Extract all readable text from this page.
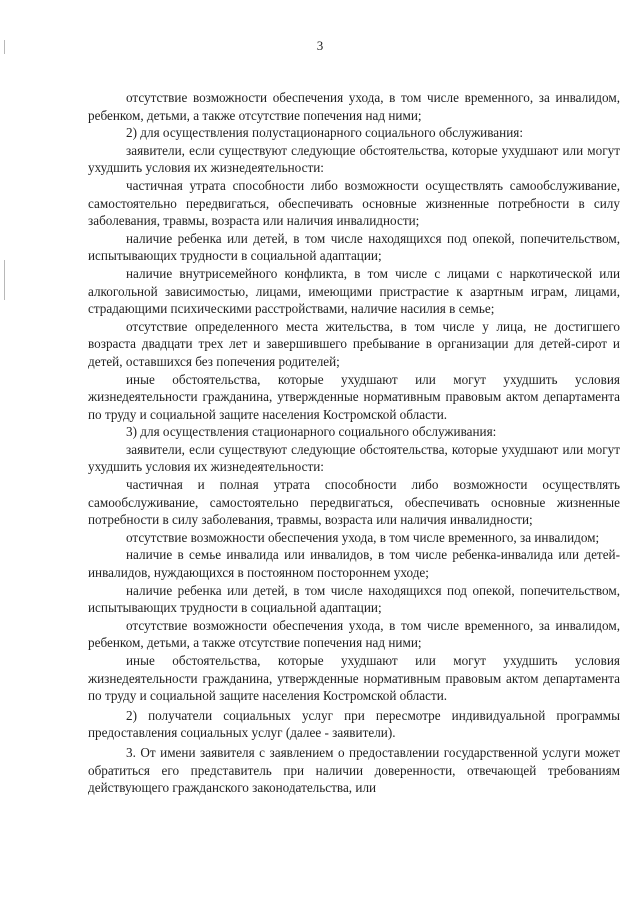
3

отсутствие возможности обеспечения ухода, в том числе временного, за инвалидом, ребенком, детьми, а также отсутствие попечения над ними;

2) для осуществления полустационарного социального обслуживания:

заявители, если существуют следующие обстоятельства, которые ухудшают или могут ухудшить условия их жизнедеятельности:

частичная утрата способности либо возможности осуществлять самообслуживание, самостоятельно передвигаться, обеспечивать основные жизненные потребности в силу заболевания, травмы, возраста или наличия инвалидности;

наличие ребенка или детей, в том числе находящихся под опекой, попечительством, испытывающих трудности в социальной адаптации;

наличие внутрисемейного конфликта, в том числе с лицами с наркотической или алкогольной зависимостью, лицами, имеющими пристрастие к азартным играм, лицами, страдающими психическими расстройствами, наличие насилия в семье;

отсутствие определенного места жительства, в том числе у лица, не достигшего возраста двадцати трех лет и завершившего пребывание в организации для детей-сирот и детей, оставшихся без попечения родителей;

иные обстоятельства, которые ухудшают или могут ухудшить условия жизнедеятельности гражданина, утвержденные нормативным правовым актом департамента по труду и социальной защите населения Костромской области.

3) для осуществления стационарного социального обслуживания:

заявители, если существуют следующие обстоятельства, которые ухудшают или могут ухудшить условия их жизнедеятельности:

частичная и полная утрата способности либо возможности осуществлять самообслуживание, самостоятельно передвигаться, обеспечивать основные жизненные потребности в силу заболевания, травмы, возраста или наличия инвалидности;

отсутствие возможности обеспечения ухода, в том числе временного, за инвалидом;

наличие в семье инвалида или инвалидов, в том числе ребенка-инвалида или детей-инвалидов, нуждающихся в постоянном постороннем уходе;

наличие ребенка или детей, в том числе находящихся под опекой, попечительством, испытывающих трудности в социальной адаптации;

отсутствие возможности обеспечения ухода, в том числе временного, за инвалидом, ребенком, детьми, а также отсутствие попечения над ними;

иные обстоятельства, которые ухудшают или могут ухудшить условия жизнедеятельности гражданина, утвержденные нормативным правовым актом департамента по труду и социальной защите населения Костромской области.

2) получатели социальных услуг при пересмотре индивидуальной программы предоставления социальных услуг (далее - заявители).

3. От имени заявителя с заявлением о предоставлении государственной услуги может обратиться его представитель при наличии доверенности, отвечающей требованиям действующего гражданского законодательства, или
